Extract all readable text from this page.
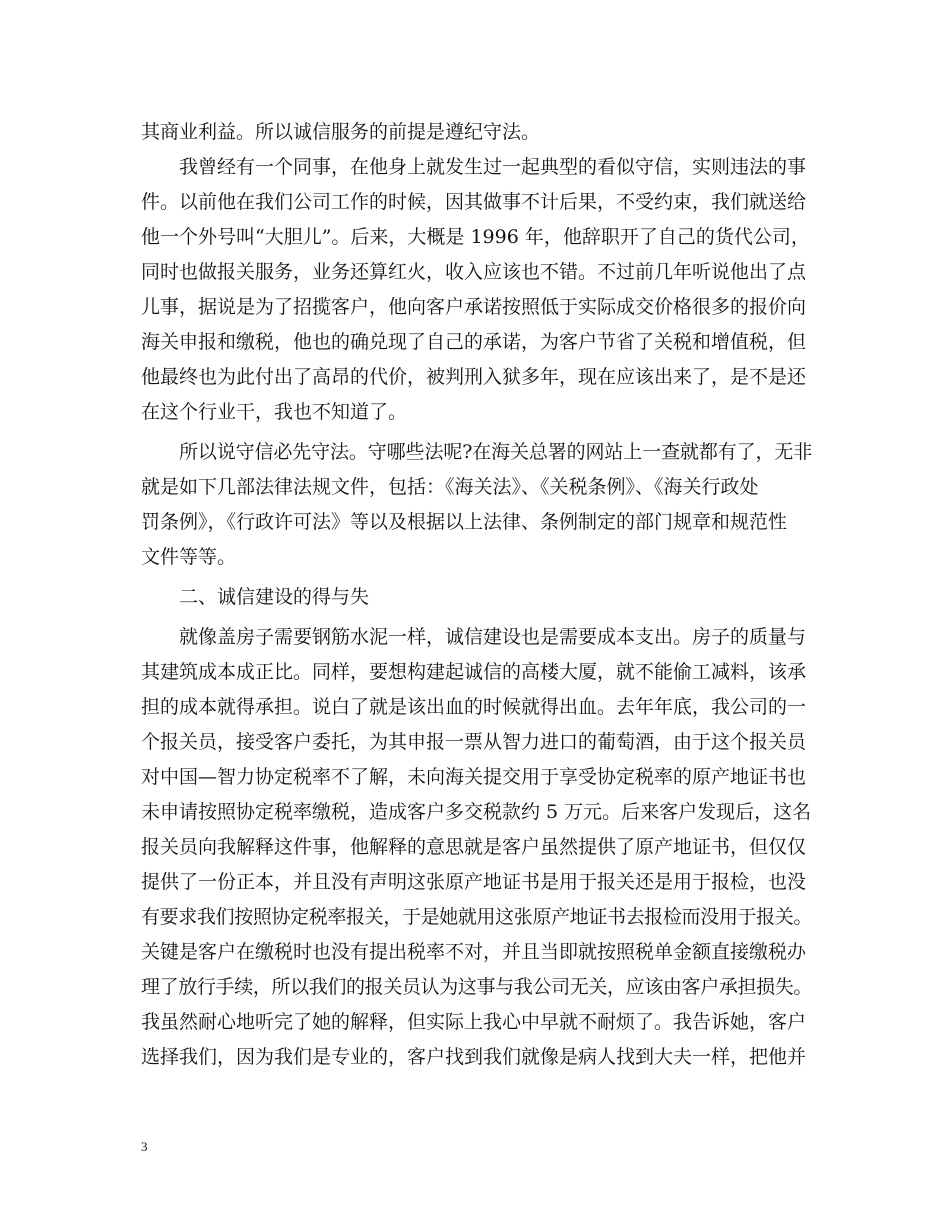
其商业利益。所以诚信服务的前提是遵纪守法。
我曾经有一个同事，在他身上就发生过一起典型的看似守信，实则违法的事
件。以前他在我们公司工作的时候，因其做事不计后果，不受约束，我们就送给
他一个外号叫“大胆儿”。后来，大概是 1996 年，他辞职开了自己的货代公司，
同时也做报关服务，业务还算红火，收入应该也不错。不过前几年听说他出了点
儿事，据说是为了招揽客户，他向客户承诺按照低于实际成交价格很多的报价向
海关申报和缴税，他也的确兑现了自己的承诺，为客户节省了关税和增值税，但
他最终也为此付出了高昂的代价，被判刑入狱多年，现在应该出来了，是不是还
在这个行业干，我也不知道了。
所以说守信必先守法。守哪些法呢?在海关总署的网站上一查就都有了，无非
就是如下几部法律法规文件，包括：《海关法》、《关税条例》、《海关行政处
罚条例》，《行政许可法》等以及根据以上法律、条例制定的部门规章和规范性
文件等等。
二、诚信建设的得与失
就像盖房子需要钢筋水泥一样，诚信建设也是需要成本支出。房子的质量与
其建筑成本成正比。同样，要想构建起诚信的高楼大厦，就不能偷工减料，该承
担的成本就得承担。说白了就是该出血的时候就得出血。去年年底，我公司的一
个报关员，接受客户委托，为其申报一票从智力进口的葡萄酒，由于这个报关员
对中国—智力协定税率不了解，未向海关提交用于享受协定税率的原产地证书也
未申请按照协定税率缴税，造成客户多交税款约 5 万元。后来客户发现后，这名
报关员向我解释这件事，他解释的意思就是客户虽然提供了原产地证书，但仅仅
提供了一份正本，并且没有声明这张原产地证书是用于报关还是用于报检，也没
有要求我们按照协定税率报关，于是她就用这张原产地证书去报检而没用于报关。
关键是客户在缴税时也没有提出税率不对，并且当即就按照税单金额直接缴税办
理了放行手续，所以我们的报关员认为这事与我公司无关，应该由客户承担损失。
我虽然耐心地听完了她的解释，但实际上我心中早就不耐烦了。我告诉她，客户
选择我们，因为我们是专业的，客户找到我们就像是病人找到大夫一样，把他并
3
